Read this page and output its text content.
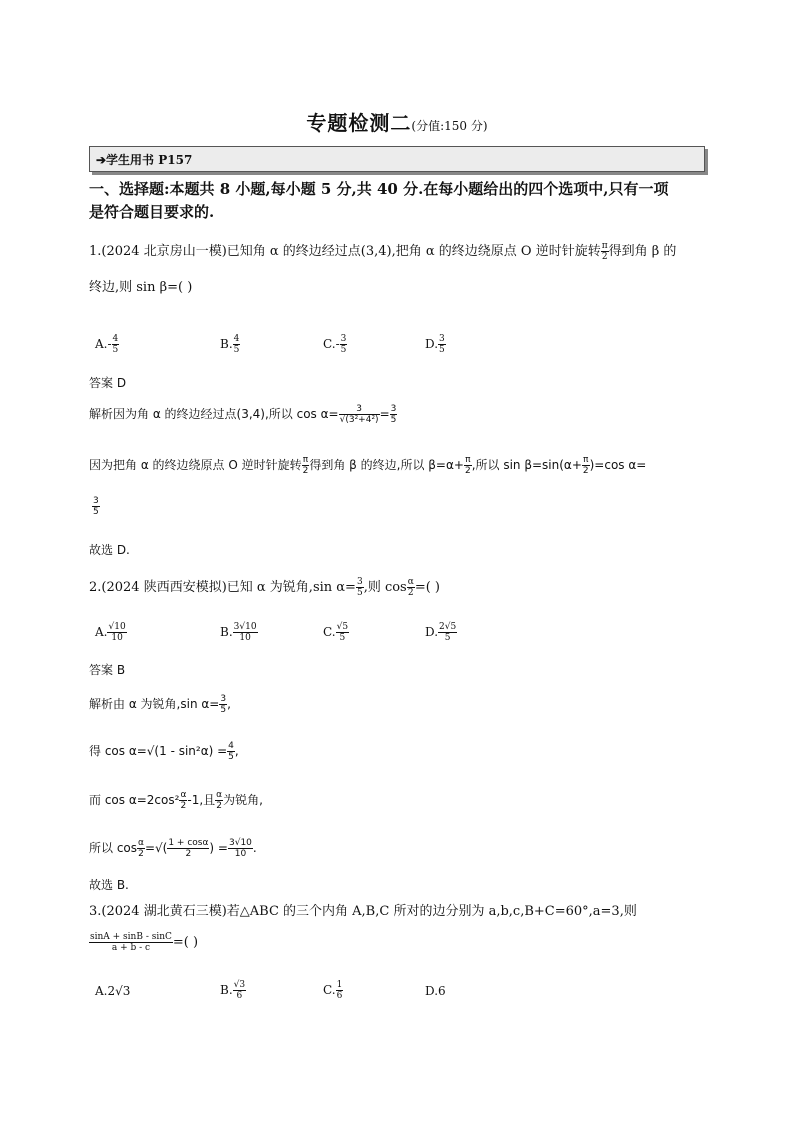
专题检测二(分值:150 分)
➔学生用书 P157
一、选择题:本题共 8 小题,每小题 5 分,共 40 分.在每小题给出的四个选项中,只有一项
是符合题目要求的.
1.(2024 北京房山一模)已知角 α 的终边经过点(3,4),把角 α 的终边绕原点 O 逆时针旋转 $\frac{\pi}{2}$ 得到角 β 的
终边,则 sin β=( )
$A.- \frac{4}{5}$	B. $\frac{4}{5}$	$C.- \frac{3}{5}$	D. $\frac{3}{5}$
答案 D
解析因为角 α 的终边经过点(3,4),所以 $\cos \alpha= \frac{3}{\text{√(3²+4²)}} = \frac{3}{5}$
因为把角 α 的终边绕原点 O 逆时针旋转 $\frac{\pi}{2}$ 得到角 β 的终边,所以 $\beta=\alpha+ \frac{\pi}{2}$ ,所以 $\sin \beta=\sin(\alpha+ \frac{\pi}{2} )=\cos$ α=
$\frac{3}{5}$
故选 D.
2.(2024 陕西西安模拟)已知 α 为锐角,sin $\alpha= \frac{3}{5}$ ,则 $\cos \frac{\alpha}{2}$ =( )
A. $\frac{√10}{10}$	B. $\frac{3√10}{10}$	C. $\frac{√5}{5}$	D. $\frac{2√5}{5}$
答案 B
解析由 α 为锐角,sin $\alpha= \frac{3}{5}$ ,
得 $\cos \alpha=√(1 - \sin^2\alpha) = \frac{4}{5}$ ,
而 $\cos \alpha=2\cos^2 \frac{\alpha}{2} -1$,且 $\frac{\alpha}{2}$ 为锐角,
所以 $\cos \frac{\alpha}{2}$ =√( $\frac{1 + \cos\alpha}{2}$ ) = $\frac{3√10}{10}$ .
故选 B.
3.(2024 湖北黄石三模)若△ABC 的三个内角 A,B,C 所对的边分别为 a,b,c,B+C=60°,a=3,则
$\frac{\sin A + \sin B - \sin C}{a + b - c}$ =( )
A.2√3	B. $\frac{√3}{6}$	C. $\frac{1}{6}$	D.6
